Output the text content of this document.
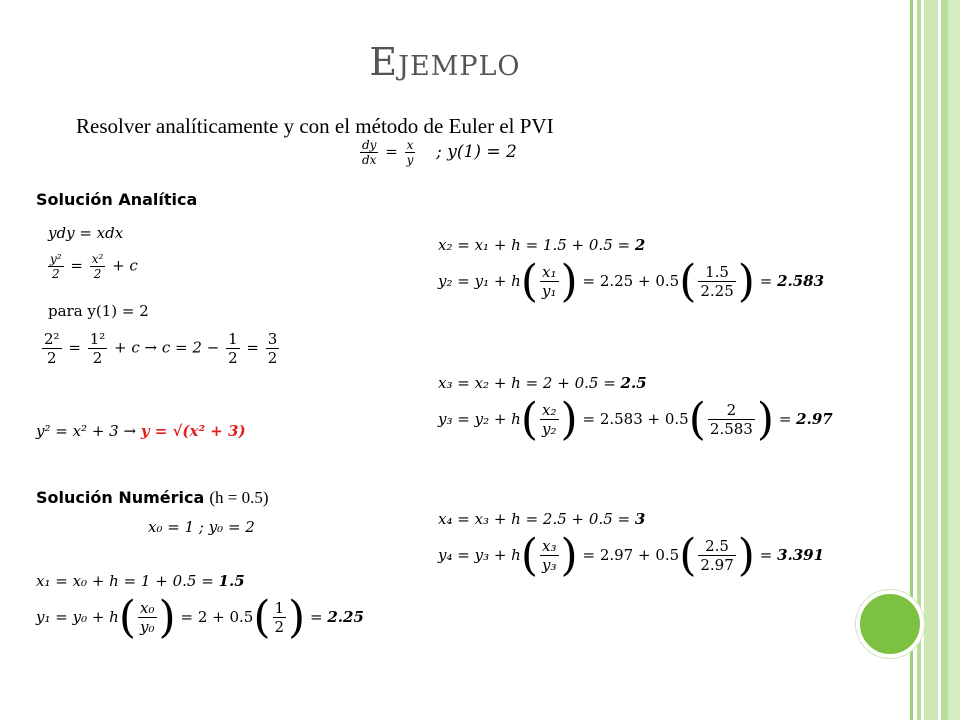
Ejemplo
Resolver analíticamente y con el método de Euler el PVI
$\frac{dy}{dx} = \frac{x}{y}$ ; y(1) = 2
Solución Analítica
ydy = xdx
$\frac{\text{y²}}{2} = \frac{\text{x²}}{2} + c$
para y(1) = 2
$\frac{\text{2²}}{2} = \frac{\text{1²}}{2} + c \to c = 2 - \frac{1}{2} = \frac{3}{2}$
y² = x² + 3 → y = √(x² + 3)
Solución Numérica (h = 0.5)
x₀ = 1 ; y₀ = 2
x₁ = x₀ + h = 1 + 0.5 = 1.5
$y_1 = y_0 + h( \frac{\text{x₀}}{\text{y₀}}$ ) = $2 + 0.5( \frac{1}{2}$ ) = 2.25
x₂ = x₁ + h = 1.5 + 0.5 = 2
$y_2 = y_1 + h( \frac{\text{x₁}}{\text{y₁}}$ ) = $2.25 + 0.5( \frac{1.5}{2.25}$ ) = 2.583
x₃ = x₂ + h = 2 + 0.5 = 2.5
$y_3 = y_2 + h( \frac{\text{x₂}}{\text{y₂}}$ ) = $2.583 + 0.5( \frac{2}{2.583}$ ) = 2.97
x₄ = x₃ + h = 2.5 + 0.5 = 3
$y_4 = y_3 + h( \frac{\text{x₃}}{\text{y₃}}$ ) = $2.97 + 0.5( \frac{2.5}{2.97}$ ) = 3.391
